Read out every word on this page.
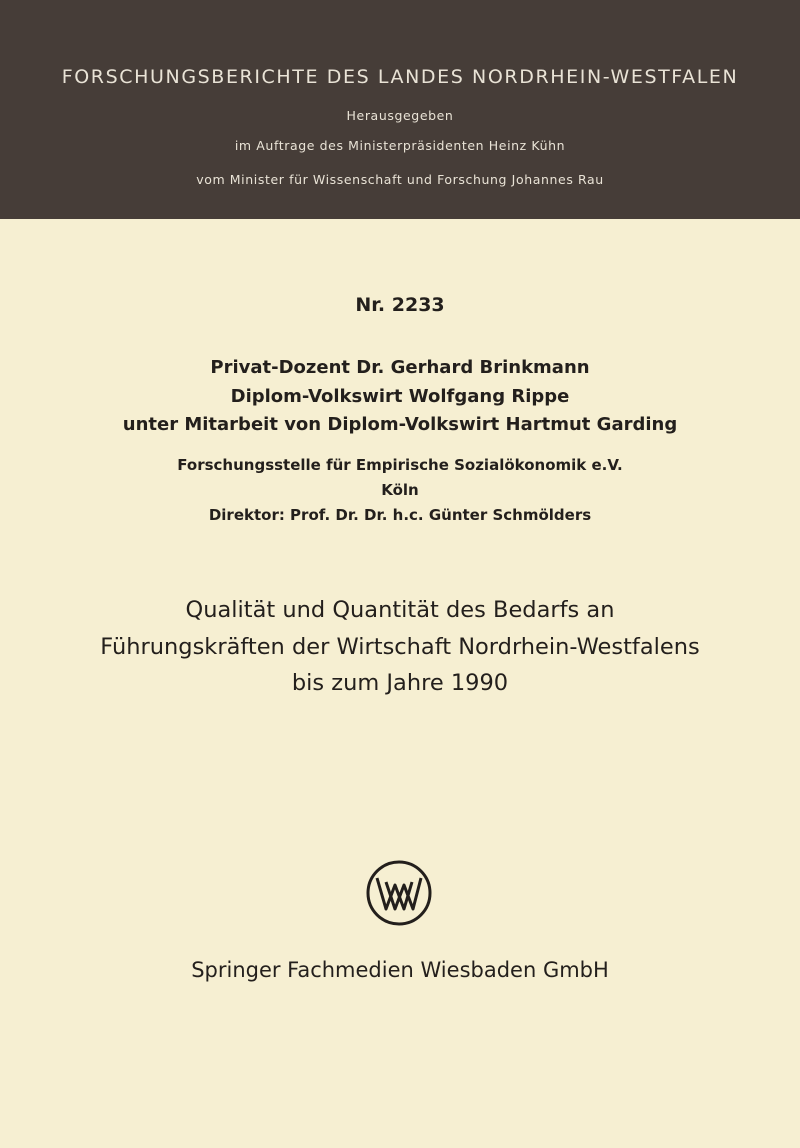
FORSCHUNGSBERICHTE DES LANDES NORDRHEIN-WESTFALEN
Herausgegeben
im Auftrage des Ministerpräsidenten Heinz Kühn
vom Minister für Wissenschaft und Forschung Johannes Rau
Nr. 2233
Privat-Dozent Dr. Gerhard Brinkmann
Diplom-Volkswirt Wolfgang Rippe
unter Mitarbeit von Diplom-Volkswirt Hartmut Garding
Forschungsstelle für Empirische Sozialökonomik e.V.
Köln
Direktor: Prof. Dr. Dr. h.c. Günter Schmölders
Qualität und Quantität des Bedarfs an
Führungskräften der Wirtschaft Nordrhein-Westfalens
bis zum Jahre 1990
Springer Fachmedien Wiesbaden GmbH
